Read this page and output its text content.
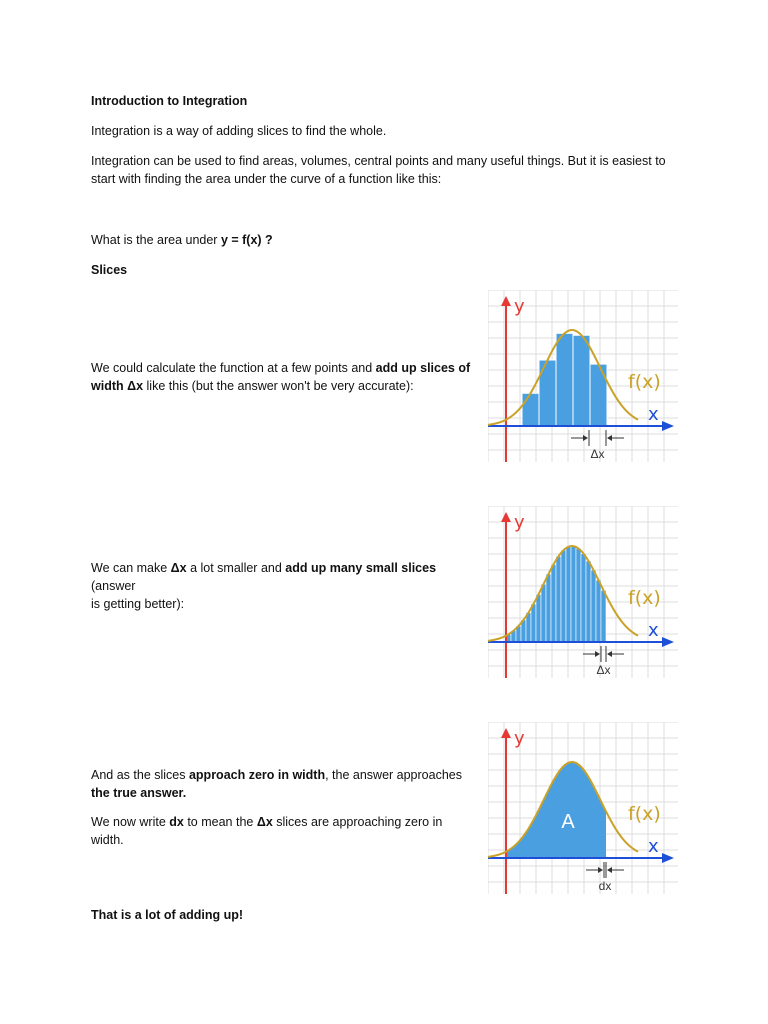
Introduction to Integration

Integration is a way of adding slices to find the whole.

Integration can be used to find areas, volumes, central points and many useful things. But it is easiest to
start with finding the area under the curve of a function like this:

What is the area under y = f(x) ?

Slices

We could calculate the function at a few points and add up slices of
width Δx like this (but the answer won't be very accurate):

We can make Δx a lot smaller and add up many small slices (answer
is getting better):

And as the slices approach zero in width, the answer approaches
the true answer.

We now write dx to mean the Δx slices are approaching zero in
width.

That is a lot of adding up!

y
x
f(x)
Δx
y
x
f(x)
Δx
y
x
f(x)
A
dx
